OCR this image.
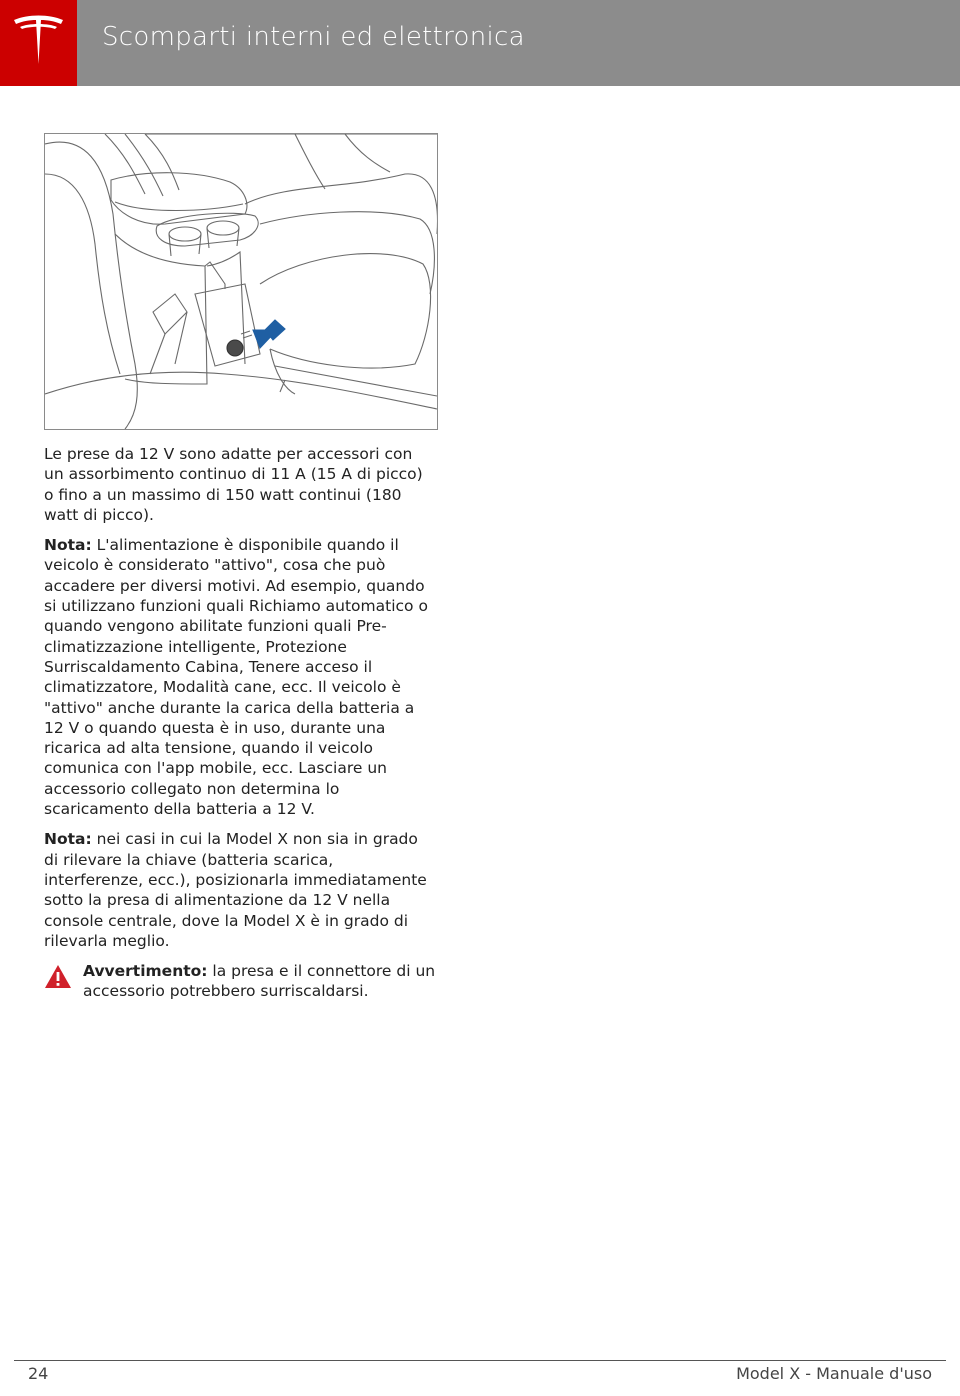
Scomparti interni ed elettronica

Le prese da 12 V sono adatte per accessori con un assorbimento continuo di 11 A (15 A di picco) o fino a un massimo di 150 watt continui (180 watt di picco).

Nota: L'alimentazione è disponibile quando il veicolo è considerato "attivo", cosa che può accadere per diversi motivi. Ad esempio, quando si utilizzano funzioni quali Richiamo automatico o quando vengono abilitate funzioni quali Pre-climatizzazione intelligente, Protezione Surriscaldamento Cabina, Tenere acceso il climatizzatore, Modalità cane, ecc. Il veicolo è "attivo" anche durante la carica della batteria a 12 V o quando questa è in uso, durante una ricarica ad alta tensione, quando il veicolo comunica con l'app mobile, ecc. Lasciare un accessorio collegato non determina lo scaricamento della batteria a 12 V.

Nota: nei casi in cui la Model X non sia in grado di rilevare la chiave (batteria scarica, interferenze, ecc.), posizionarla immediatamente sotto la presa di alimentazione da 12 V nella console centrale, dove la Model X è in grado di rilevarla meglio.

Avvertimento: la presa e il connettore di un accessorio potrebbero surriscaldarsi.
24	Model X - Manuale d'uso
